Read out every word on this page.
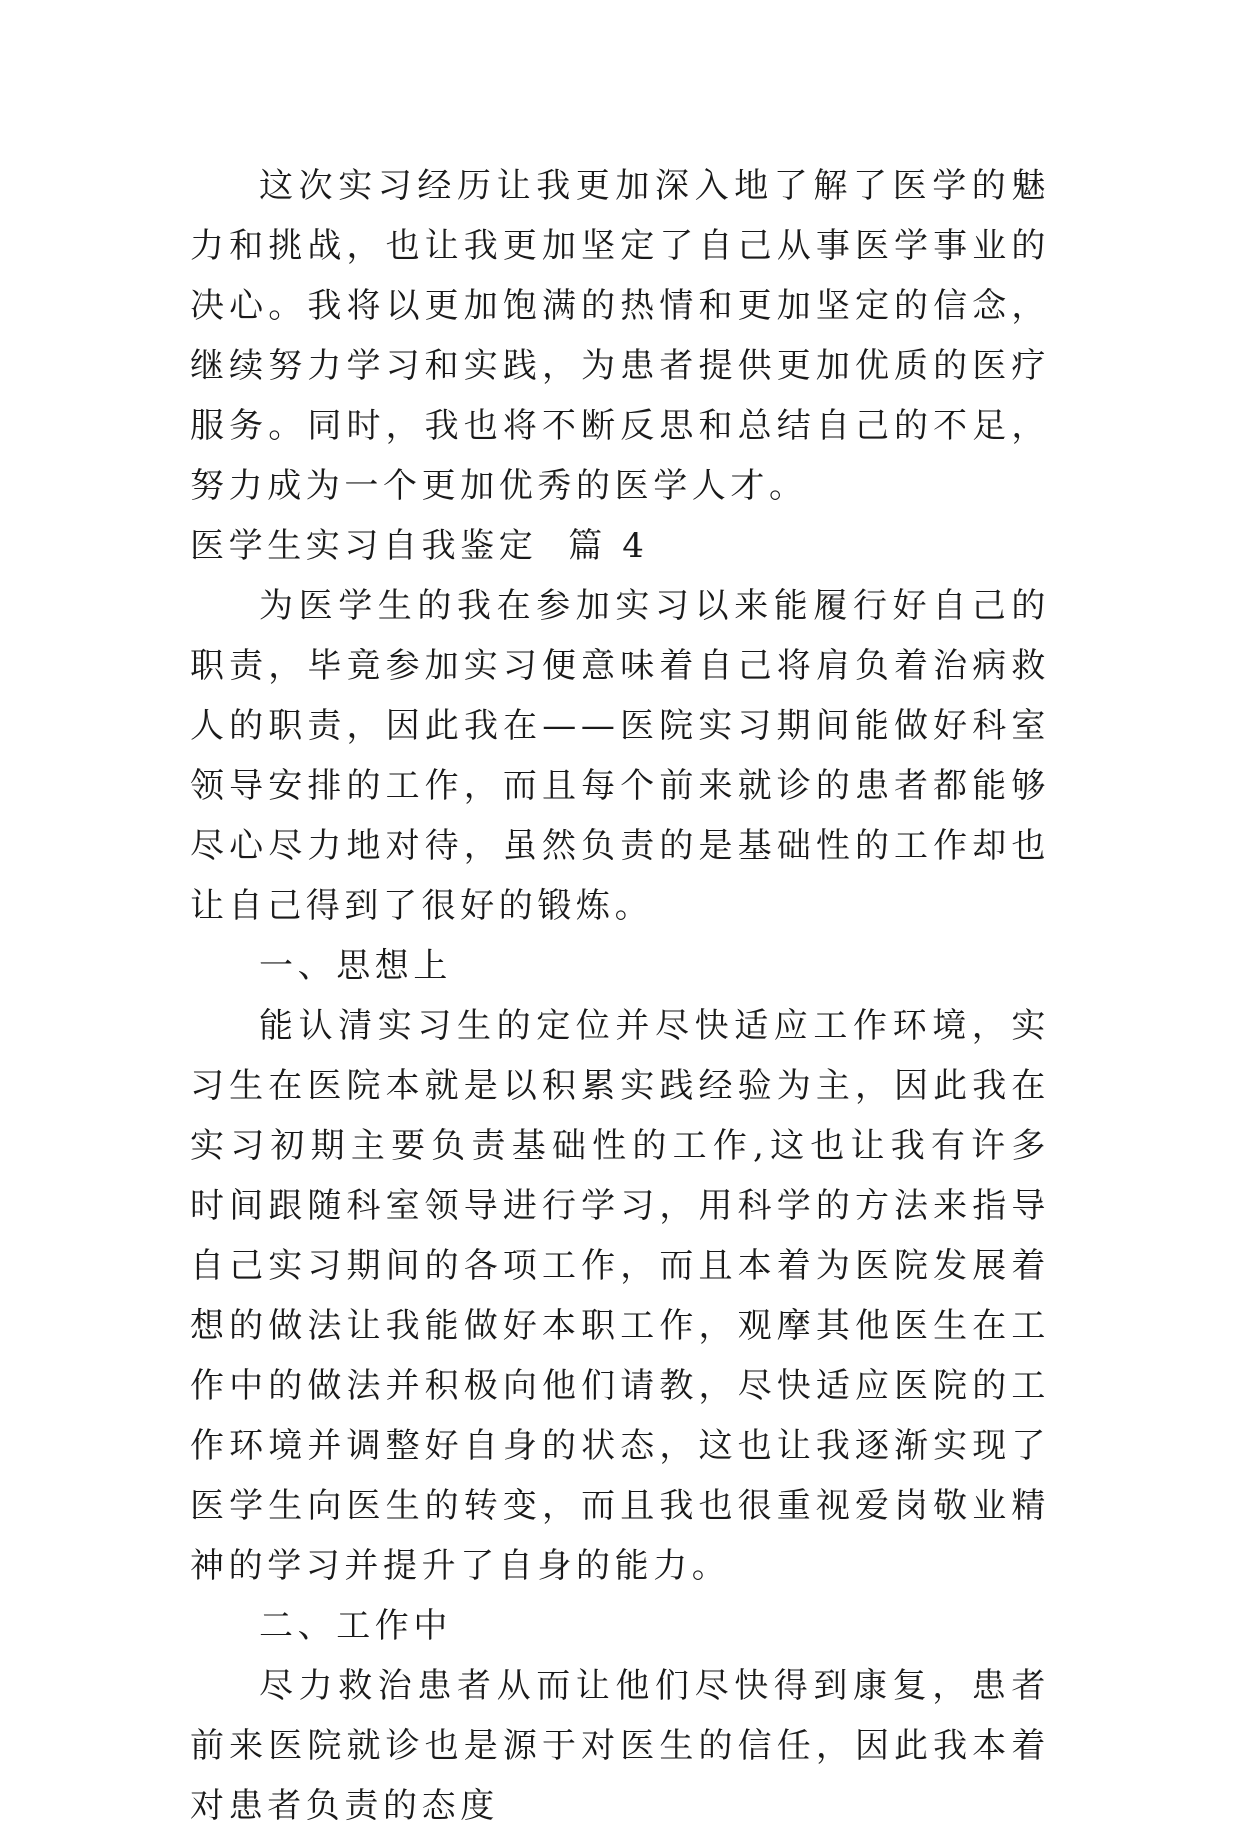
这次实习经历让我更加深入地了解了医学的魅力和挑战，也让我更加坚定了自己从事医学事业的决心。我将以更加饱满的热情和更加坚定的信念，继续努力学习和实践，为患者提供更加优质的医疗服务。同时，我也将不断反思和总结自己的不足，努力成为一个更加优秀的医学人才。

医学生实习自我鉴定  篇 4

为医学生的我在参加实习以来能履行好自己的职责，毕竟参加实习便意味着自己将肩负着治病救人的职责，因此我在——医院实习期间能做好科室领导安排的工作，而且每个前来就诊的患者都能够尽心尽力地对待，虽然负责的是基础性的工作却也让自己得到了很好的锻炼。

一、思想上

能认清实习生的定位并尽快适应工作环境，实习生在医院本就是以积累实践经验为主，因此我在实习初期主要负责基础性的工作,这也让我有许多时间跟随科室领导进行学习，用科学的方法来指导自己实习期间的各项工作，而且本着为医院发展着想的做法让我能做好本职工作，观摩其他医生在工作中的做法并积极向他们请教，尽快适应医院的工作环境并调整好自身的状态，这也让我逐渐实现了医学生向医生的转变，而且我也很重视爱岗敬业精神的学习并提升了自身的能力。

二、工作中

尽力救治患者从而让他们尽快得到康复，患者前来医院就诊也是源于对医生的信任，因此我本着对患者负责的态度
